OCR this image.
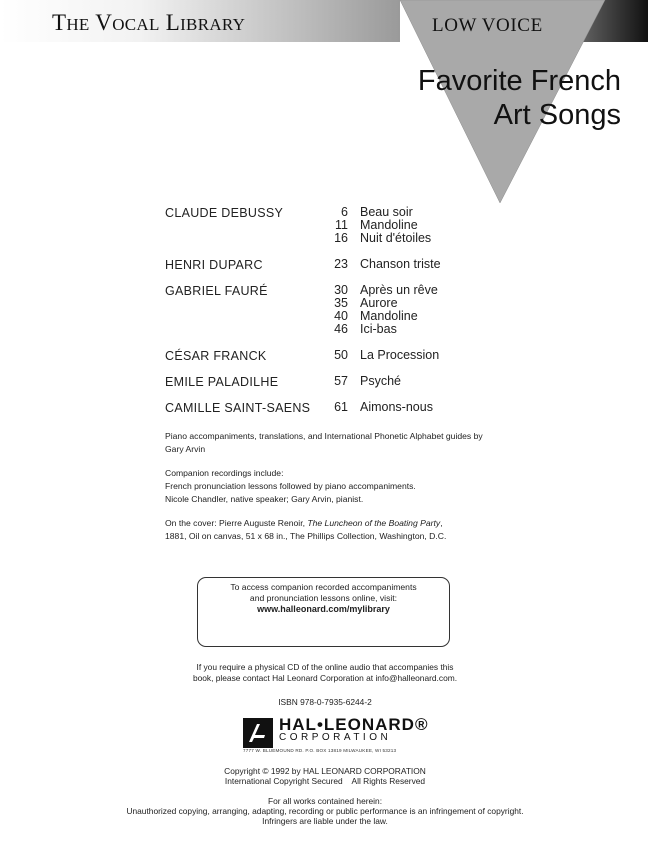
THE VOCAL LIBRARY	LOW VOICE
Favorite French
Art Songs
CLAUDE DEBUSSY	6 Beau soir
11 Mandoline
16 Nuit d'étoiles
HENRI DUPARC	23 Chanson triste
GABRIEL FAURÉ	30 Après un rêve
35 Aurore
40 Mandoline
46 Ici-bas
CÉSAR FRANCK	50 La Procession
EMILE PALADILHE	57 Psyché
CAMILLE SAINT-SAENS	61 Aimons-nous

Piano accompaniments, translations, and International Phonetic Alphabet guides by Gary Arvin

Companion recordings include:
French pronunciation lessons followed by piano accompaniments.
Nicole Chandler, native speaker; Gary Arvin, pianist.

On the cover: Pierre Auguste Renoir, The Luncheon of the Boating Party,
1881, Oil on canvas, 51 x 68 in., The Phillips Collection, Washington, D.C.

To access companion recorded accompaniments
and pronunciation lessons online, visit:
www.halleonard.com/mylibrary
If you require a physical CD of the online audio that accompanies this
book, please contact Hal Leonard Corporation at info@halleonard.com.
ISBN 978-0-7935-6244-2
HAL•LEONARD®
CORPORATION
7777 W. BLUEMOUND RD. P.O. BOX 13819 MILWAUKEE, WI 53213
Copyright © 1992 by HAL LEONARD CORPORATION
International Copyright Secured    All Rights Reserved
For all works contained herein:
Unauthorized copying, arranging, adapting, recording or public performance is an infringement of copyright.
Infringers are liable under the law.
